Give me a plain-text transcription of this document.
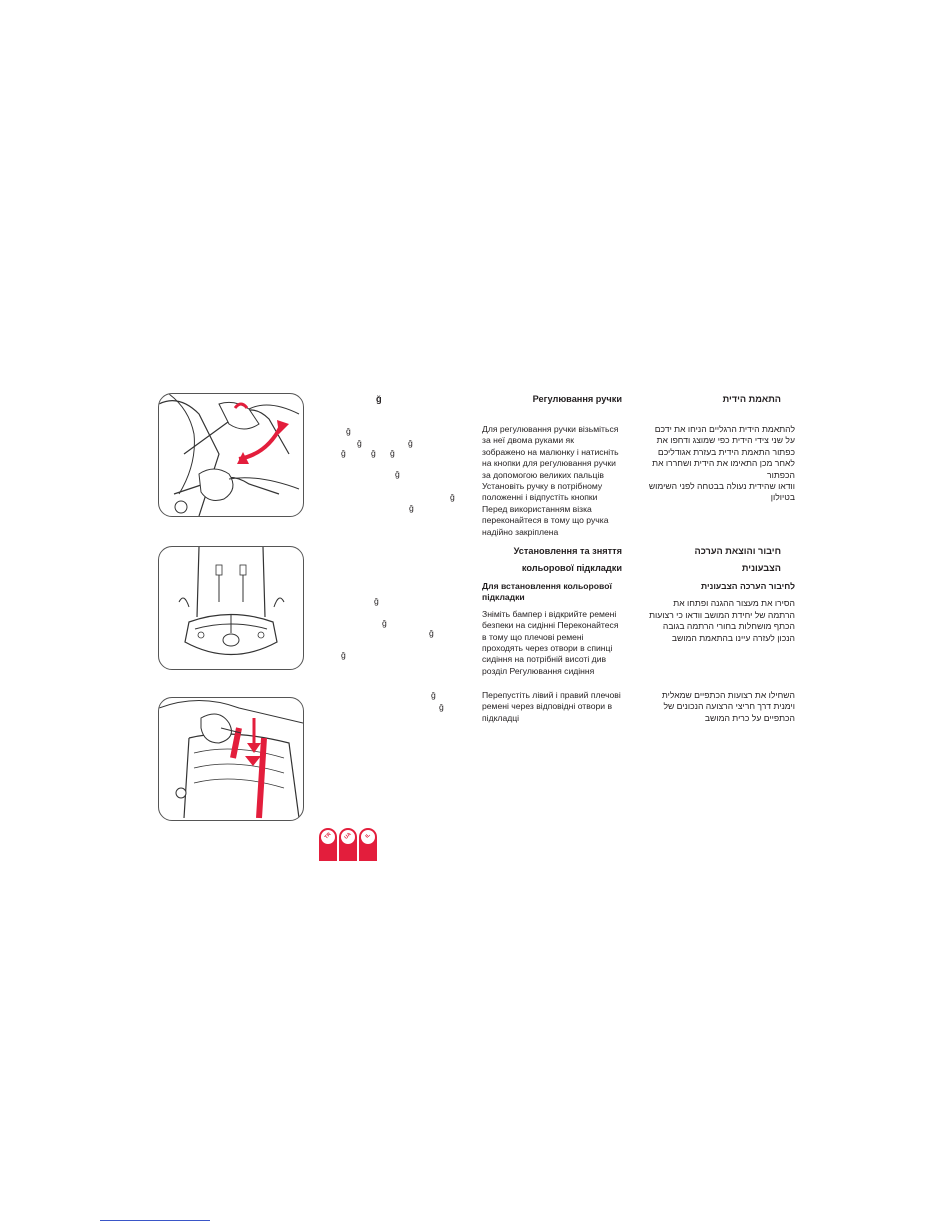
ğ
ğ
ğ	ğ
ğ	ğ ğ
ğ
ğ
ğ
Регулювання ручки
Для регулювання ручки візьміться
за неї двома руками як
зображено на малюнку і натисніть
на кнопки для регулювання ручки
за допомогою великих пальців
Установіть ручку в потрібному
положенні і відпустіть кнопки
Перед використанням візка
переконайтеся в тому що ручка
надійно закріплена
התאמת הידית
להתאמת הידית הרגליים הניחו את ידכם
על שני צידי הידית כפי שמוצג ודחפו את
כפתור התאמת הידית בעזרת אגודליכם
לאחר מכן התאימו את הידית ושחררו את
הכפתור
וודאו שהידית נעולה בבטחה לפני השימוש
בטיולון
ğ
ğ
ğ
ğ
Установлення та зняття
кольорової підкладки
Для встановлення кольорової
підкладки
Зніміть бампер і відкрийте ремені
безпеки на сидінні Переконайтеся
в тому що плечові ремені
проходять через отвори в спинці
сидіння на потрібній висоті див
розділ Регулювання сидіння
חיבור והוצאת הערכה
הצבעונית
לחיבור הערכה הצבעונית
הסירו את מעצור ההגנה ופתחו את
הרתמה של יחידת המושב וודאו כי רצועות
הכתף מושחלות בחורי הרתמה בגובה
הנכון לעזרה עיינו בהתאמת המושב
ğ
ğ
Перепустіть лівий і правий плечові
ремені через відповідні отвори в
підкладці
השחילו את רצועות הכתפיים שמאלית
וימנית דרך חריצי הרצועה הנכונים של
הכתפיים על כרית המושב
TR	UA	IL
